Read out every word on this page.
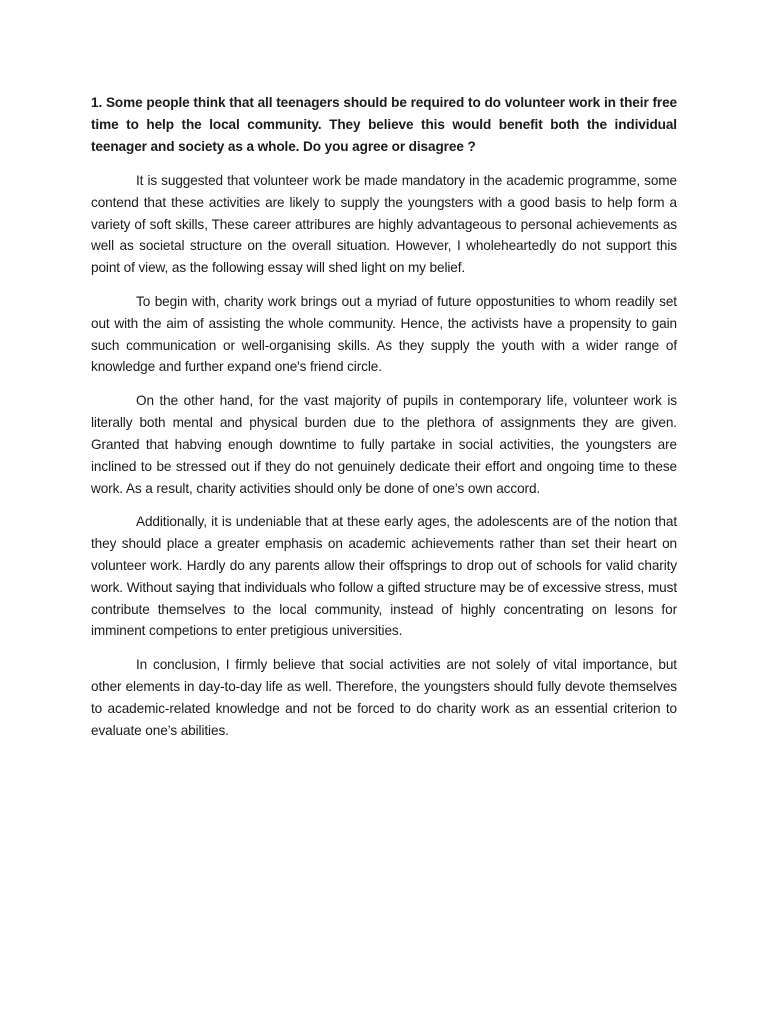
1. Some people think that all teenagers should be required to do volunteer work in their free time to help the local community. They believe this would benefit both the individual teenager and society as a whole. Do you agree or disagree ?

It is suggested that volunteer work be made mandatory in the academic programme, some contend that these activities are likely to supply the youngsters with a good basis to help form a variety of soft skills, These career attribures are highly advantageous to personal achievements as well as societal structure on the overall situation. However, I wholeheartedly do not support this point of view, as the following essay will shed light on my belief.

To begin with, charity work brings out a myriad of future oppostunities to whom readily set out with the aim of assisting the whole community. Hence, the activists have a propensity to gain such communication or well-organising skills. As they supply the youth with a wider range of knowledge and further expand one's friend circle.

On the other hand, for the vast majority of pupils in contemporary life, volunteer work is literally both mental and physical burden due to the plethora of assignments they are given. Granted that habving enough downtime to fully partake in social activities, the youngsters are inclined to be stressed out if they do not genuinely dedicate their effort and ongoing time to these work. As a result, charity activities should only be done of one’s own accord.

Additionally, it is undeniable that at these early ages, the adolescents are of the notion that they should place a greater emphasis on academic achievements rather than set their heart on volunteer work. Hardly do any parents allow their offsprings to drop out of schools for valid charity work. Without saying that individuals who follow a gifted structure may be of excessive stress, must contribute themselves to the local community, instead of highly concentrating on lesons for imminent competions to enter pretigious universities.

In conclusion, I firmly believe that social activities are not solely of vital importance, but other elements in day-to-day life as well. Therefore, the youngsters should fully devote themselves to academic-related knowledge and not be forced to do charity work as an essential criterion to evaluate one’s abilities.
